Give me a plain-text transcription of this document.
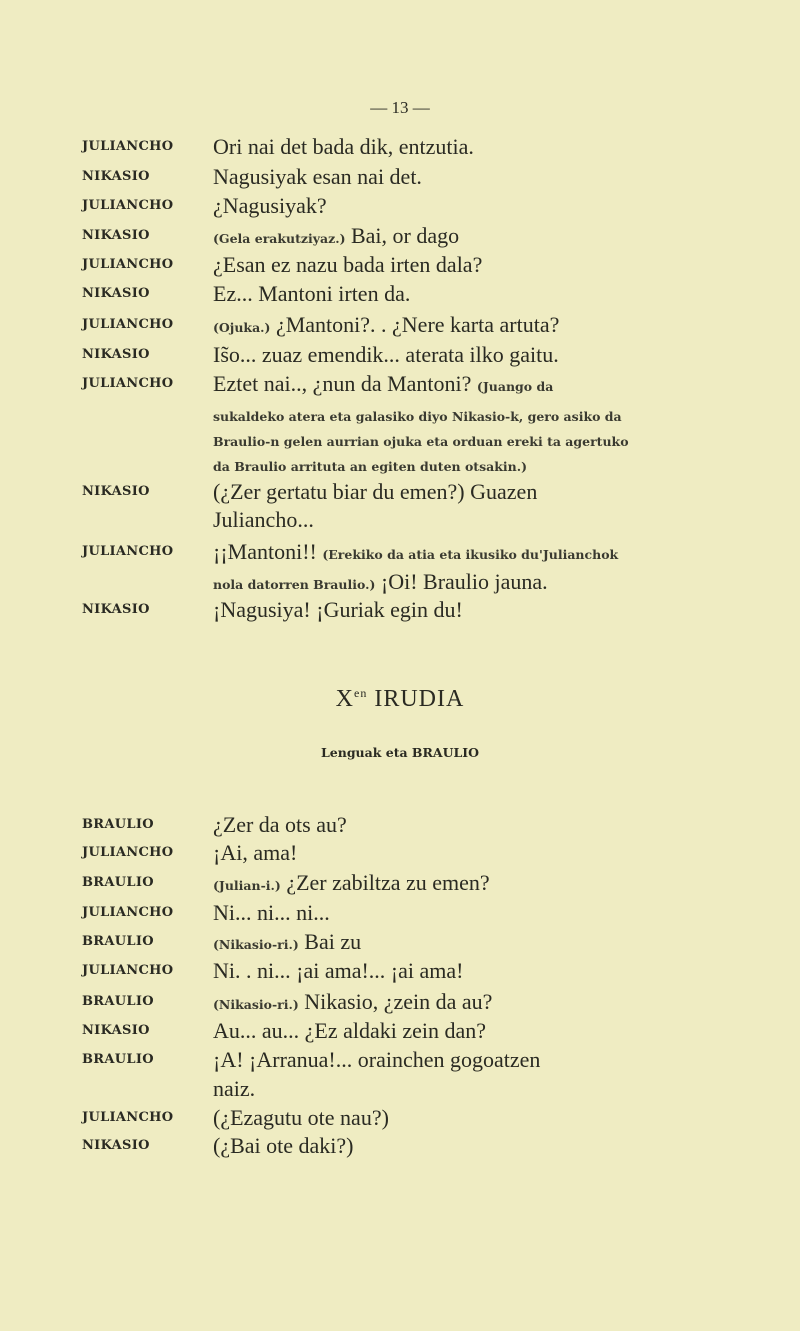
— 13 —
JULIANCHO Ori nai det bada dik, entzutia.
NIKASIO	Nagusiyak esan nai det.
JULIANCHO ¿Nagusiyak?
NIKASIO	(Gela erakutziyaz.) Bai, or dago
JULIANCHO ¿Esan ez nazu bada irten dala?
NIKASIO	Ez... Mantoni irten da.
JULIANCHO	(Ojuka.) ¿Mantoni?. . ¿Nere karta artuta?
NIKASIO	Is̃o... zuaz emendik... aterata ilko gaitu.
JULIANCHO Eztet nai.., ¿nun da Mantoni? (Juango da
sukaldeko atera eta galasiko diyo Nikasio-k, gero asiko da
Braulio-n gelen aurrian ojuka eta orduan ereki ta agertuko
da Braulio arrituta an egiten duten otsakin.)
NIKASIO	(¿Zer gertatu biar du emen?) Guazen
Juliancho...
JULIANCHO ¡¡Mantoni!! (Erekiko da atia eta ikusiko du'Julianchok
nola datorren Braulio.) ¡Oi! Braulio jauna.
NIKASIO	¡Nagusiya! ¡Guriak egin du!
$X^{en}$ IRUDIA
Lenguak eta BRAULIO
BRAULIO	¿Zer da ots au?
JULIANCHO ¡Ai, ama!
BRAULIO	(Julian-i.) ¿Zer zabiltza zu emen?
JULIANCHO Ni... ni... ni...
BRAULIO	(Nikasio-ri.) Bai zu
JULIANCHO Ni. . ni... ¡ai ama!... ¡ai ama!
BRAULIO	(Nikasio-ri.) Nikasio, ¿zein da au?
NIKASIO	Au... au... ¿Ez aldaki zein dan?
BRAULIO	¡A! ¡Arranua!... orainchen gogoatzen
naiz.
JULIANCHO (¿Ezagutu ote nau?)
NIKASIO	(¿Bai ote daki?)
